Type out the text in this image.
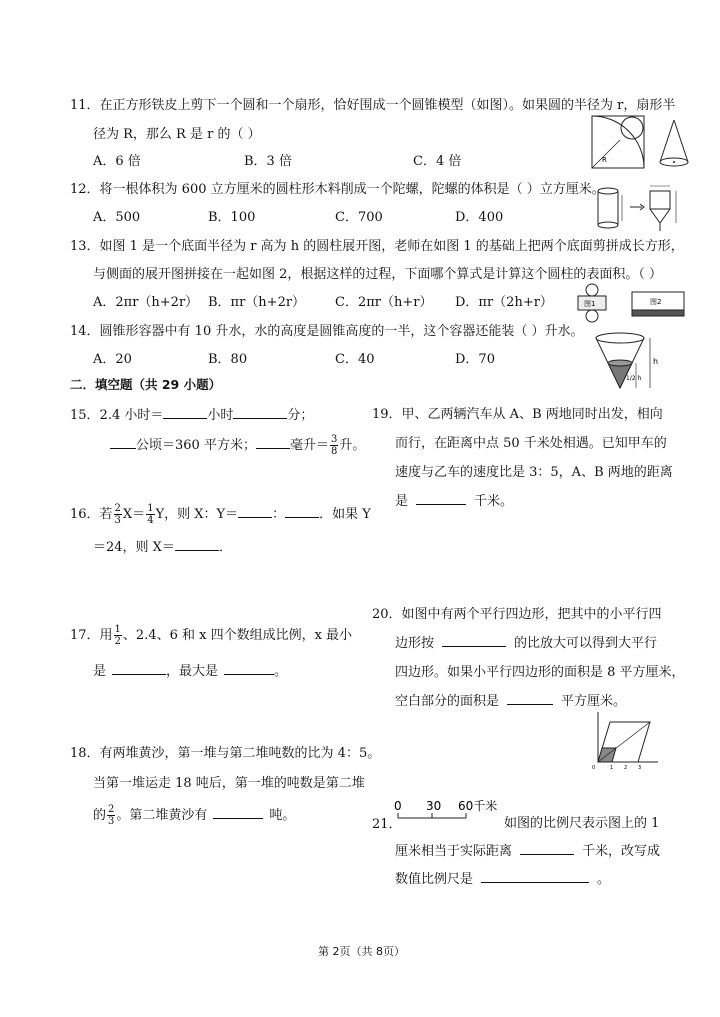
11．在正方形铁皮上剪下一个圆和一个扇形，恰好围成一个圆锥模型（如图）。如果圆的半径为 r，扇形半
径为 R，那么 R 是 r 的（ ）
A．6 倍	B．3 倍	C．4 倍	R
12．将一根体积为 600 立方厘米的圆柱形木料削成一个陀螺，陀螺的体积是（ ）立方厘米。
A．500	B．100	C．700	D．400
13．如图 1 是一个底面半径为 r 高为 h 的圆柱展开图，老师在如图 1 的基础上把两个底面剪拼成长方形，
与侧面的展开图拼接在一起如图 2，根据这样的过程，下面哪个算式是计算这个圆柱的表面积。（ ）
A．2πr（h+2r） B．πr（h+2r） C．2πr（h+r） D．πr（2h+r）	图1	图2
14．圆锥形容器中有 10 升水，水的高度是圆锥高度的一半，这个容器还能装（ ）升水。
A．20	B．80	C．40	D．70	h
1/2 h
二．填空题（共 29 小题）
15．2.4 小时＝	小时	分；
公顷＝360 平方米；	毫升＝ $\frac{3}{8}$ 升。
16．若 $\frac{2}{3} X= \frac{1}{4}$ Y，则 X：Y＝	：	．如果 Y
＝24，则 X＝	．
17．用 $\frac{1}{2}$ 、2.4、6 和 x 四个数组成比例，x 最小
是	，最大是	。
18．有两堆黄沙，第一堆与第二堆吨数的比为 4：5。
当第一堆运走 18 吨后，第一堆的吨数是第二堆
的 $\frac{2}{3}$ 。第二堆黄沙有	吨。
19．甲、乙两辆汽车从 A、B 两地同时出发，相向
而行，在距离中点 50 千米处相遇。已知甲车的
速度与乙车的速度比是 3：5，A、B 两地的距离
是	千米。
20．如图中有两个平行四边形，把其中的小平行四
边形按	的比放大可以得到大平行
四边形。如果小平行四边形的面积是 8 平方厘米，
空白部分的面积是	平方厘米。
0	1 2 3
0 30 60千米
21．	如图的比例尺表示图上的 1
厘米相当于实际距离	千米，改写成
数值比例尺是	。
第 2页（共 8页）
